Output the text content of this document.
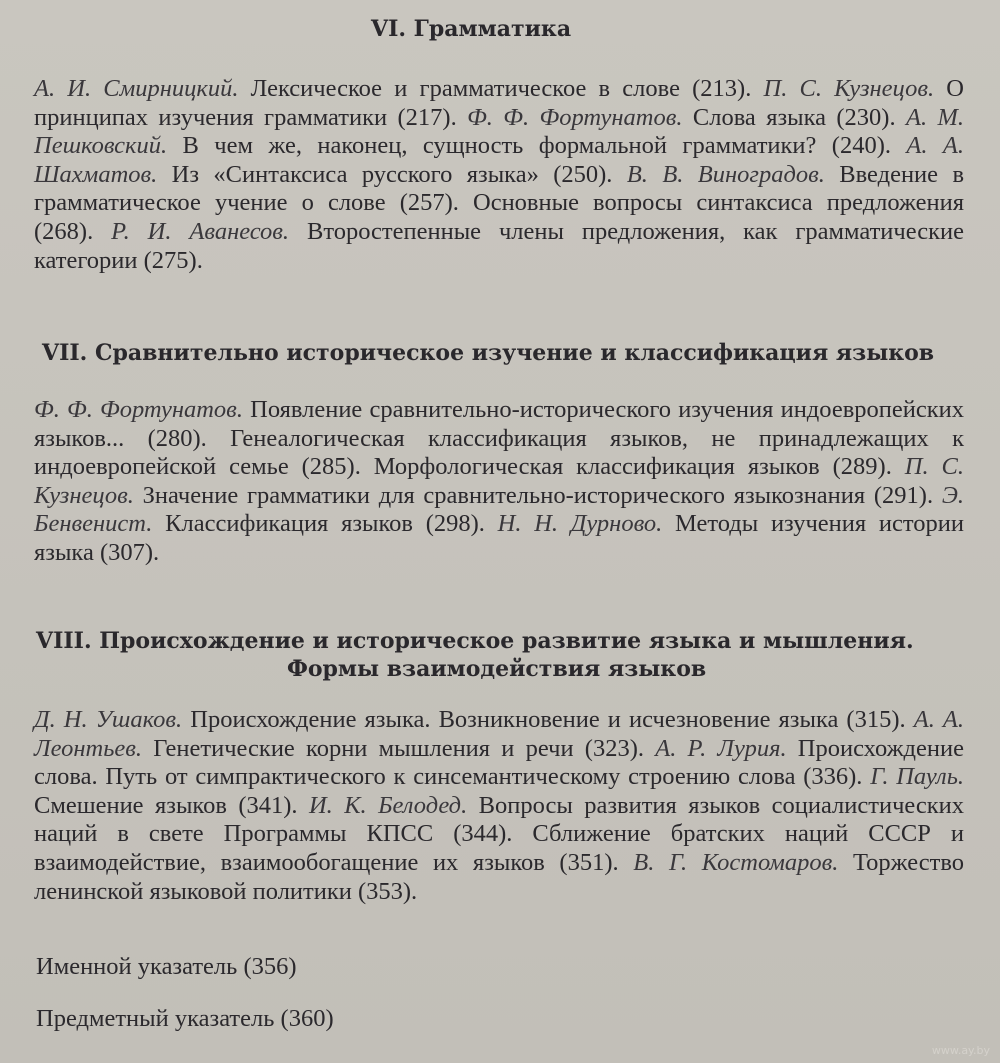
VI. Грамматика
А. И. Смирницкий. Лексическое и грамматическое в слове (213). П. С. Кузнецов. О принципах изучения грамматики (217). Ф. Ф. Фортунатов. Слова языка (230). А. М. Пешковский. В чем же, наконец, сущность формальной грамматики? (240). А. А. Шахматов. Из «Синтаксиса русского языка» (250). В. В. Виноградов. Введение в грамматическое учение о слове (257). Основные вопросы синтаксиса предложения (268). Р. И. Аванесов. Второстепенные члены предложения, как грамматические категории (275).
VII. Сравнительно историческое изучение и классификация языков
Ф. Ф. Фортунатов. Появление сравнительно-исторического изучения индоевропейских языков... (280). Генеалогическая классификация языков, не принадлежащих к индоевропейской семье (285). Морфологическая классификация языков (289). П. С. Кузнецов. Значение грамматики для сравнительно-исторического языкознания (291). Э. Бенвенист. Классификация языков (298). Н. Н. Дурново. Методы изучения истории языка (307).
VIII. Происхождение и историческое развитие языка и мышления.
Формы взаимодействия языков
Д. Н. Ушаков. Происхождение языка. Возникновение и исчезновение языка (315). А. А. Леонтьев. Генетические корни мышления и речи (323). А. Р. Лурия. Происхождение слова. Путь от симпрактического к синсемантическому строению слова (336). Г. Пауль. Смешение языков (341). И. К. Белодед. Вопросы развития языков социалистических наций в свете Программы КПСС (344). Сближение братских наций СССР и взаимодействие, взаимообогащение их языков (351). В. Г. Костомаров. Торжество ленинской языковой политики (353).
Именной указатель (356)
Предметный указатель (360)
www.ay.by
